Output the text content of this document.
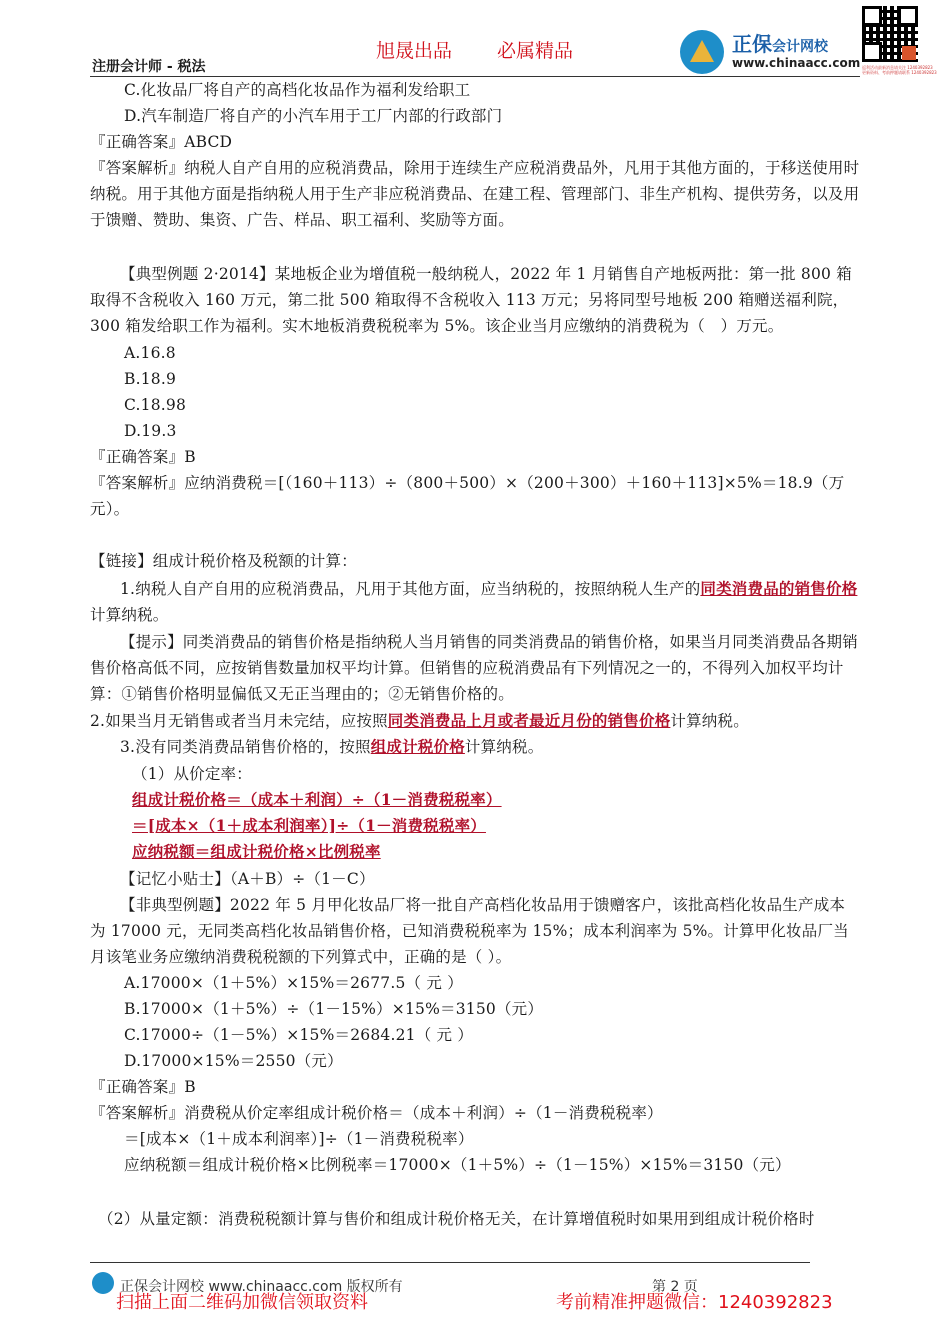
旭晟出品 必属精品
注册会计师 - 税法
正保会计网校
www.chinaacc.com 返利活动最新消息请关注 1240392823
更新资料、考前押题请联系 1240392823
C.化妆品厂将自产的高档化妆品作为福利发给职工
D.汽车制造厂将自产的小汽车用于工厂内部的行政部门
『正确答案』ABCD
『答案解析』纳税人自产自用的应税消费品，除用于连续生产应税消费品外，凡用于其他方面的，于移送使用时纳税。用于其他方面是指纳税人用于生产非应税消费品、在建工程、管理部门、非生产机构、提供劳务，以及用于馈赠、赞助、集资、广告、样品、职工福利、奖励等方面。
【典型例题 2·2014】某地板企业为增值税一般纳税人，2022 年 1 月销售自产地板两批：第一批 800 箱取得不含税收入 160 万元，第二批 500 箱取得不含税收入 113 万元；另将同型号地板 200 箱赠送福利院，300 箱发给职工作为福利。实木地板消费税税率为 5%。该企业当月应缴纳的消费税为（　）万元。
A.16.8
B.18.9
C.18.98
D.19.3
『正确答案』B
『答案解析』应纳消费税＝[（160＋113）÷（800＋500）×（200＋300）＋160＋113]×5%＝18.9（万元）。
【链接】组成计税价格及税额的计算：
1.纳税人自产自用的应税消费品，凡用于其他方面，应当纳税的，按照纳税人生产的同类消费品的销售价格计算纳税。
【提示】同类消费品的销售价格是指纳税人当月销售的同类消费品的销售价格，如果当月同类消费品各期销售价格高低不同，应按销售数量加权平均计算。但销售的应税消费品有下列情况之一的，不得列入加权平均计算：①销售价格明显偏低又无正当理由的；②无销售价格的。
2.如果当月无销售或者当月未完结，应按照同类消费品上月或者最近月份的销售价格计算纳税。
3.没有同类消费品销售价格的，按照组成计税价格计算纳税。
（1）从价定率：
组成计税价格＝（成本＋利润）÷（1－消费税税率）
＝[成本×（1＋成本利润率）]÷（1－消费税税率）
应纳税额＝组成计税价格×比例税率
【记忆小贴士】（A＋B）÷（1－C）
【非典型例题】2022 年 5 月甲化妆品厂将一批自产高档化妆品用于馈赠客户，该批高档化妆品生产成本为 17000 元，无同类高档化妆品销售价格，已知消费税税率为 15%；成本利润率为 5%。计算甲化妆品厂当月该笔业务应缴纳消费税税额的下列算式中，正确的是（ ）。
A.17000×（1＋5%）×15%＝2677.5（ 元 ）
B.17000×（1＋5%）÷（1－15%）×15%＝3150（元）
C.17000÷（1－5%）×15%＝2684.21（ 元 ）
D.17000×15%＝2550（元）
『正确答案』B
『答案解析』消费税从价定率组成计税价格＝（成本＋利润）÷（1－消费税税率）
＝[成本×（1＋成本利润率）]÷（1－消费税税率）
应纳税额＝组成计税价格×比例税率＝17000×（1＋5%）÷（1－15%）×15%＝3150（元）
（2）从量定额：消费税税额计算与售价和组成计税价格无关，在计算增值税时如果用到组成计税价格时
正保会计网校 www.chinaacc.com 版权所有	第 2 页
扫描上面二维码加微信领取资料	考前精准押题微信：1240392823
